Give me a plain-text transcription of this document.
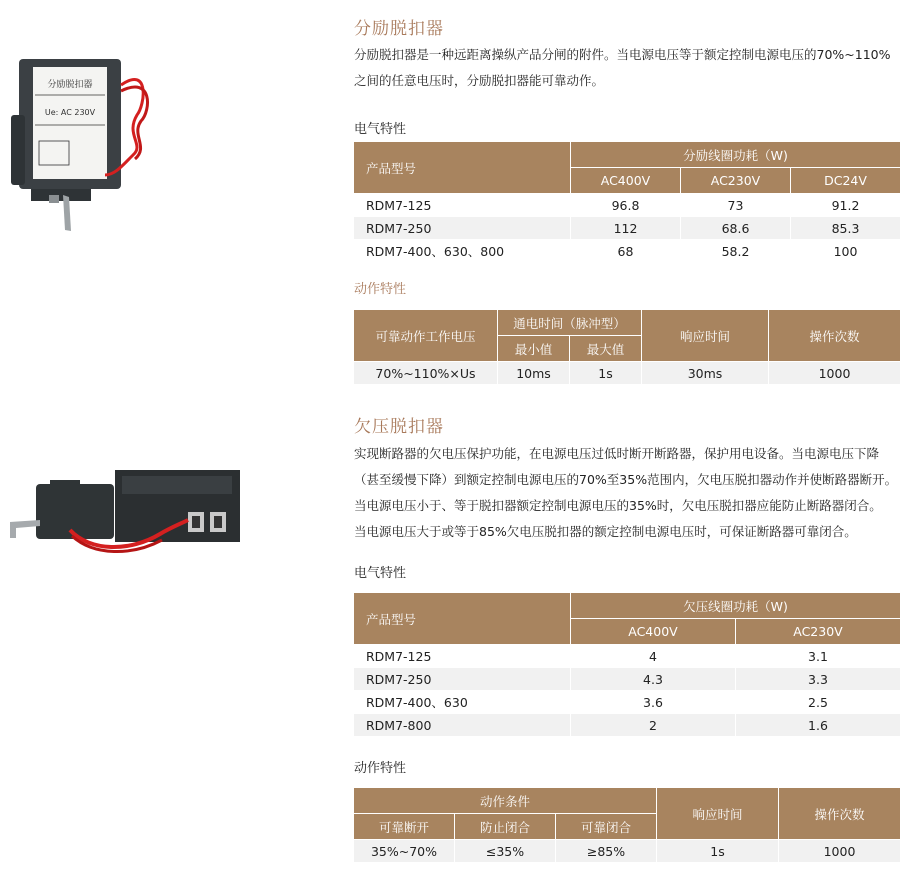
分励脱扣器
Ue: AC 230V
分励脱扣器
分励脱扣器是一种远距离操纵产品分闸的附件。当电源电压等于额定控制电源电压的70%~110%
之间的任意电压时，分励脱扣器能可靠动作。
电气特性
产品型号	分励线圈功耗（W)		
	AC400V	AC230V	DC24V
RDM7-125	96.8	73	91.2
RDM7-250	112	68.6	85.3
RDM7-400、630、800	68	58.2	100
动作特性
可靠动作工作电压	通电时间（脉冲型）		响应时间	操作次数
	最小值	最大值		
70%~110%×Us	10ms	1s	30ms	1000
欠压脱扣器
实现断路器的欠电压保护功能，在电源电压过低时断开断路器，保护用电设备。当电源电压下降
（甚至缓慢下降）到额定控制电源电压的70%至35%范围内，欠电压脱扣器动作并使断路器断开。
当电源电压小于、等于脱扣器额定控制电源电压的35%时，欠电压脱扣器应能防止断路器闭合。
当电源电压大于或等于85%欠电压脱扣器的额定控制电源电压时，可保证断路器可靠闭合。
电气特性
产品型号	欠压线圈功耗（W)	
	AC400V	AC230V
RDM7-125	4	3.1
RDM7-250	4.3	3.3
RDM7-400、630	3.6	2.5
RDM7-800	2	1.6
动作特性
动作条件			响应时间	操作次数
可靠断开	防止闭合	可靠闭合		
35%~70%	≤35%	≥85%	1s	1000
